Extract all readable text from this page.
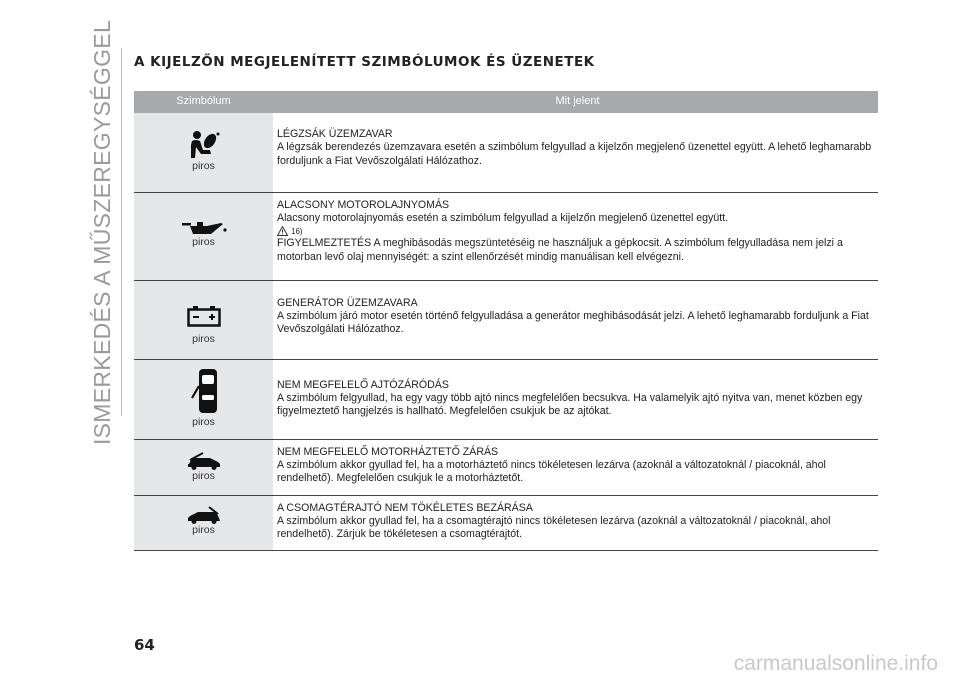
ISMERKEDÉS A MŰSZEREGYSÉGGEL A KIJELZŐN MEGJELENÍTETT SZIMBÓLUMOK ÉS ÜZENETEK
Szimbólum		Mit jelent

piros		LÉGZSÁK ÜZEMZAVAR
A légzsák berendezés üzemzavara esetén a szimbólum felgyullad a kijelzőn megjelenő üzenettel együtt. A lehető leghamarabb forduljunk a Fiat Vevőszolgálati Hálózathoz.

piros		ALACSONY MOTOROLAJNYOMÁS
Alacsony motorolajnyomás esetén a szimbólum felgyullad a kijelzőn megjelenő üzenettel együtt.
16)
FIGYELMEZTETÉS A meghibásodás megszüntetéséig ne használjuk a gépkocsit. A szimbólum felgyulladása nem jelzi a motorban levő olaj mennyiségét: a szint ellenőrzését mindig manuálisan kell elvégezni.

piros		GENERÁTOR ÜZEMZAVARA
A szimbólum járó motor esetén történő felgyulladása a generátor meghibásodását jelzi. A lehető leghamarabb forduljunk a Fiat Vevőszolgálati Hálózathoz.

piros		NEM MEGFELELŐ AJTÓZÁRÓDÁS
A szimbólum felgyullad, ha egy vagy több ajtó nincs megfelelően becsukva. Ha valamelyik ajtó nyitva van, menet közben egy figyelmeztető hangjelzés is hallható. Megfelelően csukjuk be az ajtókat.

piros		NEM MEGFELELŐ MOTORHÁZTETŐ ZÁRÁS
A szimbólum akkor gyullad fel, ha a motorháztető nincs tökéletesen lezárva (azoknál a változatoknál / piacoknál, ahol rendelhető). Megfelelően csukjuk le a motorháztetőt.

piros		A CSOMAGTÉRAJTÓ NEM TÖKÉLETES BEZÁRÁSA
A szimbólum akkor gyullad fel, ha a csomagtérajtó nincs tökéletesen lezárva (azoknál a változatoknál / piacoknál, ahol rendelhető). Zárjuk be tökéletesen a csomagtérajtót.
64
carmanualsonline.info
